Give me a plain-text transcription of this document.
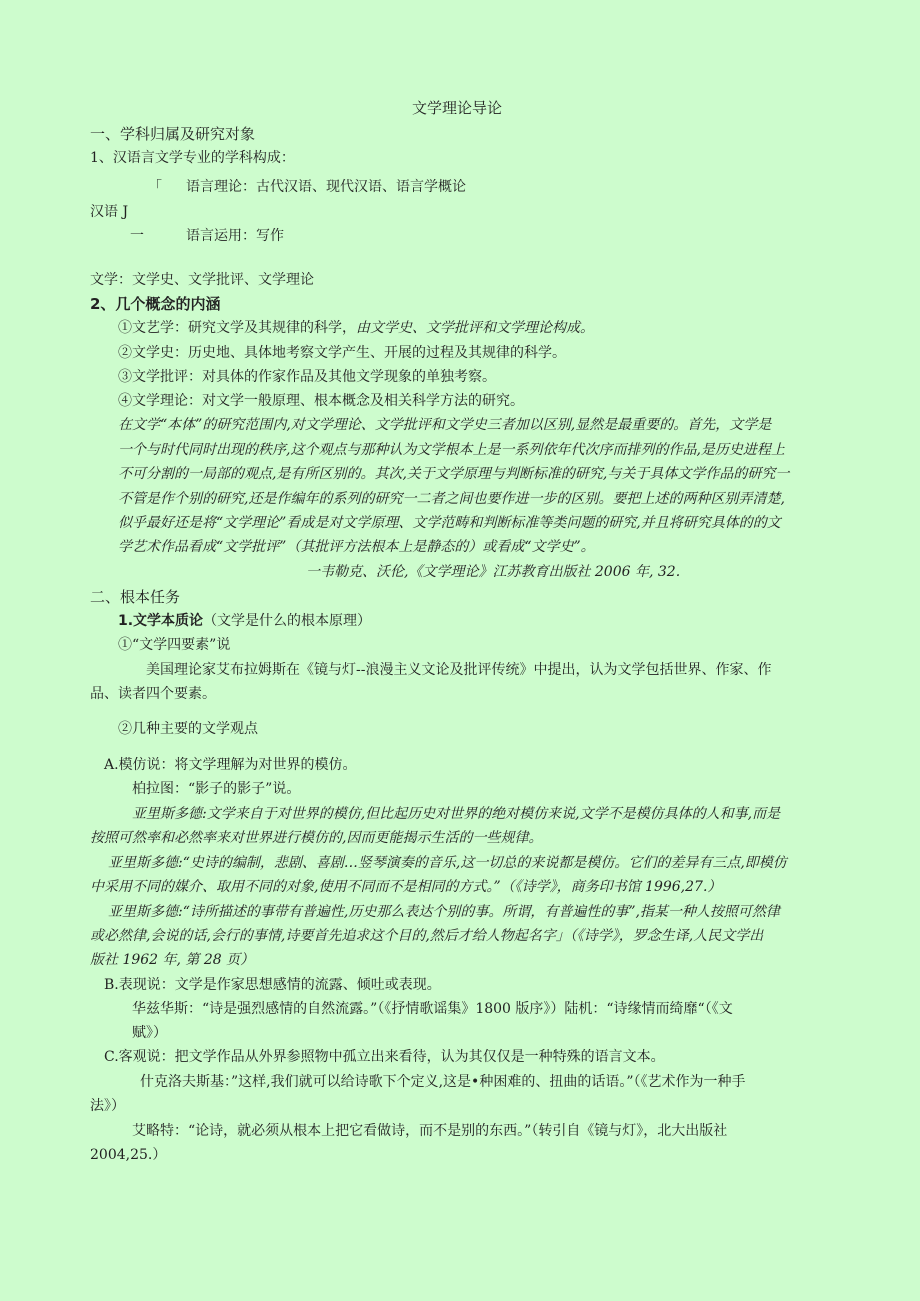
文学理论导论
一、学科归属及研究对象
1、汉语言文学专业的学科构成：
「 语言理论：古代汉语、现代汉语、语言学概论
汉语 J
一	语言运用：写作
文学：文学史、文学批评、文学理论
2、几个概念的内涵
①文艺学：研究文学及其规律的科学，由文学史、文学批评和文学理论构成。
②文学史：历史地、具体地考察文学产生、开展的过程及其规律的科学。
③文学批评：对具体的作家作品及其他文学现象的单独考察。
④文学理论：对文学一般原理、根本概念及相关科学方法的研究。
在文学“本体”的研究范围内,对文学理论、文学批评和文学史三者加以区别,显然是最重要的。首先，文学是
一个与时代同时出现的秩序,这个观点与那种认为文学根本上是一系列依年代次序而排列的作品,是历史进程上
不可分割的一局部的观点,是有所区别的。其次,关于文学原理与判断标准的研究,与关于具体文学作品的研究一
不管是作个别的研究,还是作编年的系列的研究一二者之间也要作进一步的区别。要把上述的两种区别弄清楚,
似乎最好还是将“文学理论”看成是对文学原理、文学范畴和判断标准等类问题的研究,并且将研究具体的的文
学艺术作品看成“文学批评”（其批评方法根本上是静态的）或看成“文学史”。
一韦勒克、沃伦,《文学理论》江苏教育出版社 2006 年, 32.
二、根本任务
1.文学本质论（文学是什么的根本原理）
①“文学四要素”说
美国理论家艾布拉姆斯在《镜与灯--浪漫主义文论及批评传统》中提出，认为文学包括世界、作家、作
品、读者四个要素。
②几种主要的文学观点
A.模仿说：将文学理解为对世界的模仿。
柏拉图：“影子的影子”说。
亚里斯多德:文学来自于对世界的模仿,但比起历史对世界的绝对模仿来说,文学不是模仿具体的人和事,而是
按照可然率和必然率来对世界进行模仿的,因而更能揭示生活的一些规律。
亚里斯多德:“史诗的编制，悲剧、喜剧…竖琴演奏的音乐,这一切总的来说都是模仿。它们的差异有三点,即模仿
中采用不同的媒介、取用不同的对象,使用不同而不是相同的方式。”（《诗学》，商务印书馆 1996,27.）
亚里斯多德:“诗所描述的事带有普遍性,历史那么表达个别的事。所谓，有普遍性的事”,指某一种人按照可然律
或必然律,会说的话,会行的事情,诗要首先追求这个目的,然后才给人物起名字」（《诗学》，罗念生译,人民文学出
版社 1962 年, 第 28 页）
B.表现说：文学是作家思想感情的流露、倾吐或表现。
华兹华斯：“诗是强烈感情的自然流露。”（《抒情歌谣集》1800 版序》）陆机：“诗缘情而绮靡“（《文
赋》）
C.客观说：把文学作品从外界参照物中孤立出来看待，认为其仅仅是一种特殊的语言文本。
什克洛夫斯基：”这样,我们就可以给诗歌下个定义,这是•种困难的、扭曲的话语。”（《艺术作为一种手
法》）
艾略特：“论诗，就必须从根本上把它看做诗，而不是别的东西。”（转引自《镜与灯》，北大出版社
2004,25.）
